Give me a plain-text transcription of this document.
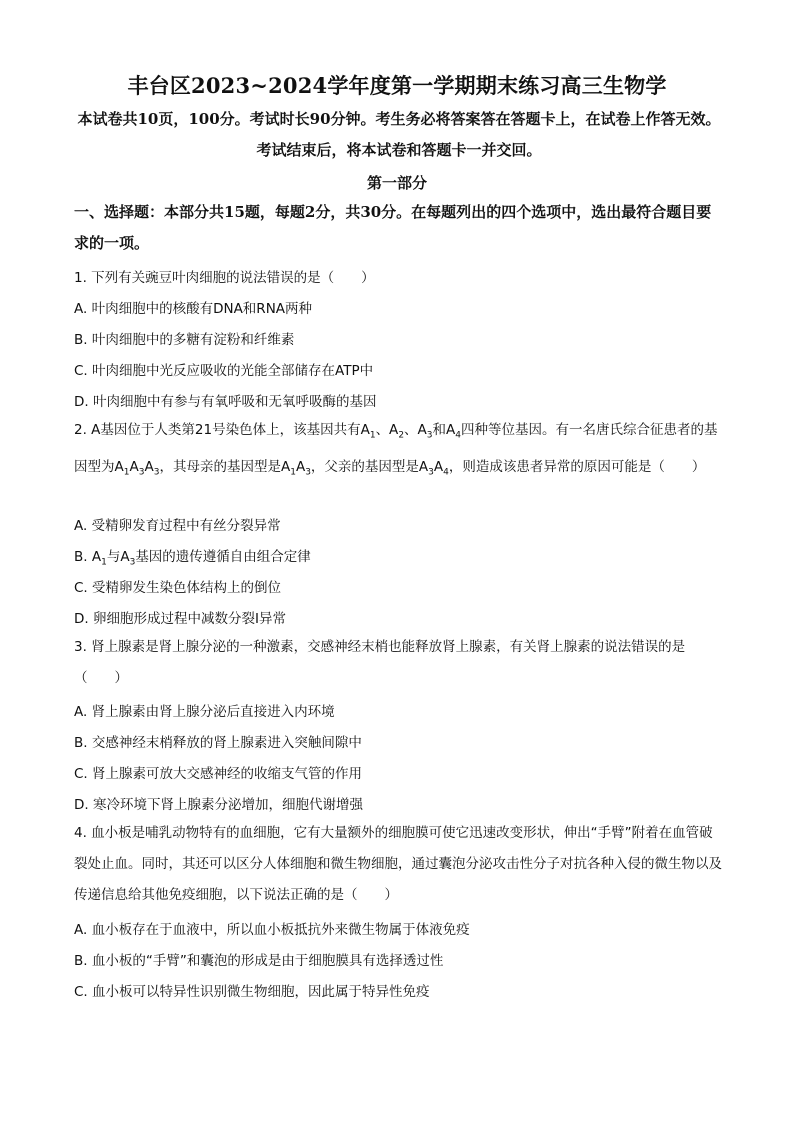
丰台区2023~2024学年度第一学期期末练习高三生物学
本试卷共10页，100分。考试时长90分钟。考生务必将答案答在答题卡上，在试卷上作答无效。考试结束后，将本试卷和答题卡一并交回。
第一部分
一、选择题：本部分共15题，每题2分，共30分。在每题列出的四个选项中，选出最符合题目要求的一项。
1. 下列有关豌豆叶肉细胞的说法错误的是（　　）
A. 叶肉细胞中的核酸有DNA和RNA两种
B. 叶肉细胞中的多糖有淀粉和纤维素
C. 叶肉细胞中光反应吸收的光能全部储存在ATP中
D. 叶肉细胞中有参与有氧呼吸和无氧呼吸酶的基因
2. A基因位于人类第21号染色体上，该基因共有$A_1$、$A_2$、$A_3$和$A_4$四种等位基因。有一名唐氏综合征患者的基因型为$A_1A_3A_3$，其母亲的基因型是$A_1A_3$，父亲的基因型是$A_3A_4$，则造成该患者异常的原因可能是（　　）
A. 受精卵发育过程中有丝分裂异常
B. $A_1$与$A_3$基因的遗传遵循自由组合定律
C. 受精卵发生染色体结构上的倒位
D. 卵细胞形成过程中减数分裂Ⅰ异常
3. 肾上腺素是肾上腺分泌的一种激素，交感神经末梢也能释放肾上腺素，有关肾上腺素的说法错误的是（　　）
A. 肾上腺素由肾上腺分泌后直接进入内环境
B. 交感神经末梢释放的肾上腺素进入突触间隙中
C. 肾上腺素可放大交感神经的收缩支气管的作用
D. 寒冷环境下肾上腺素分泌增加，细胞代谢增强
4. 血小板是哺乳动物特有的血细胞，它有大量额外的细胞膜可使它迅速改变形状，伸出“手臂”附着在血管破裂处止血。同时，其还可以区分人体细胞和微生物细胞，通过囊泡分泌攻击性分子对抗各种入侵的微生物以及传递信息给其他免疫细胞，以下说法正确的是（　　）
A. 血小板存在于血液中，所以血小板抵抗外来微生物属于体液免疫
B. 血小板的“手臂”和囊泡的形成是由于细胞膜具有选择透过性
C. 血小板可以特异性识别微生物细胞，因此属于特异性免疫
